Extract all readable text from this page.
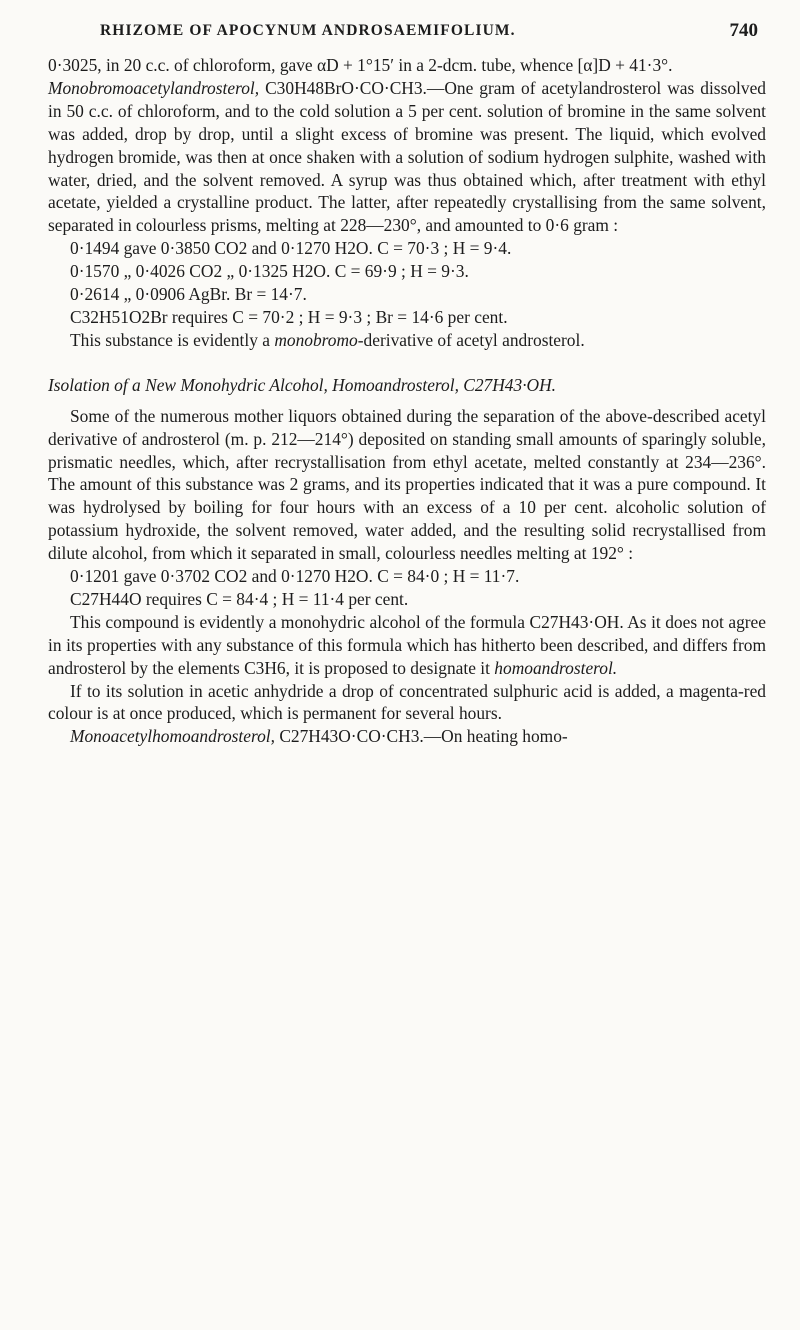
RHIZOME OF APOCYNUM ANDROSAEMIFOLIUM.	740

0·3025, in 20 c.c. of chloroform, gave αD + 1°15′ in a 2-dcm. tube, whence [α]D + 41·3°.

Monobromoacetylandrosterol, C30H48BrO·CO·CH3.—One gram of acetylandrosterol was dissolved in 50 c.c. of chloroform, and to the cold solution a 5 per cent. solution of bromine in the same solvent was added, drop by drop, until a slight excess of bromine was present. The liquid, which evolved hydrogen bromide, was then at once shaken with a solution of sodium hydrogen sulphite, washed with water, dried, and the solvent removed. A syrup was thus obtained which, after treatment with ethyl acetate, yielded a crystalline product. The latter, after repeatedly crystallising from the same solvent, separated in colourless prisms, melting at 228—230°, and amounted to 0·6 gram :

0·1494 gave 0·3850 CO2 and 0·1270 H2O. C = 70·3 ; H = 9·4.

0·1570 „ 0·4026 CO2 „ 0·1325 H2O. C = 69·9 ; H = 9·3.

0·2614 „ 0·0906 AgBr. Br = 14·7.

C32H51O2Br requires C = 70·2 ; H = 9·3 ; Br = 14·6 per cent.

This substance is evidently a monobromo-derivative of acetyl androsterol.

Isolation of a New Monohydric Alcohol, Homoandrosterol, C27H43·OH.

Some of the numerous mother liquors obtained during the separation of the above-described acetyl derivative of androsterol (m. p. 212—214°) deposited on standing small amounts of sparingly soluble, prismatic needles, which, after recrystallisation from ethyl acetate, melted constantly at 234—236°. The amount of this substance was 2 grams, and its properties indicated that it was a pure compound. It was hydrolysed by boiling for four hours with an excess of a 10 per cent. alcoholic solution of potassium hydroxide, the solvent removed, water added, and the resulting solid recrystallised from dilute alcohol, from which it separated in small, colourless needles melting at 192° :

0·1201 gave 0·3702 CO2 and 0·1270 H2O. C = 84·0 ; H = 11·7.

C27H44O requires C = 84·4 ; H = 11·4 per cent.

This compound is evidently a monohydric alcohol of the formula C27H43·OH. As it does not agree in its properties with any substance of this formula which has hitherto been described, and differs from androsterol by the elements C3H6, it is proposed to designate it homoandrosterol.

If to its solution in acetic anhydride a drop of concentrated sulphuric acid is added, a magenta-red colour is at once produced, which is permanent for several hours.

Monoacetylhomoandrosterol, C27H43O·CO·CH3.—On heating homo-
